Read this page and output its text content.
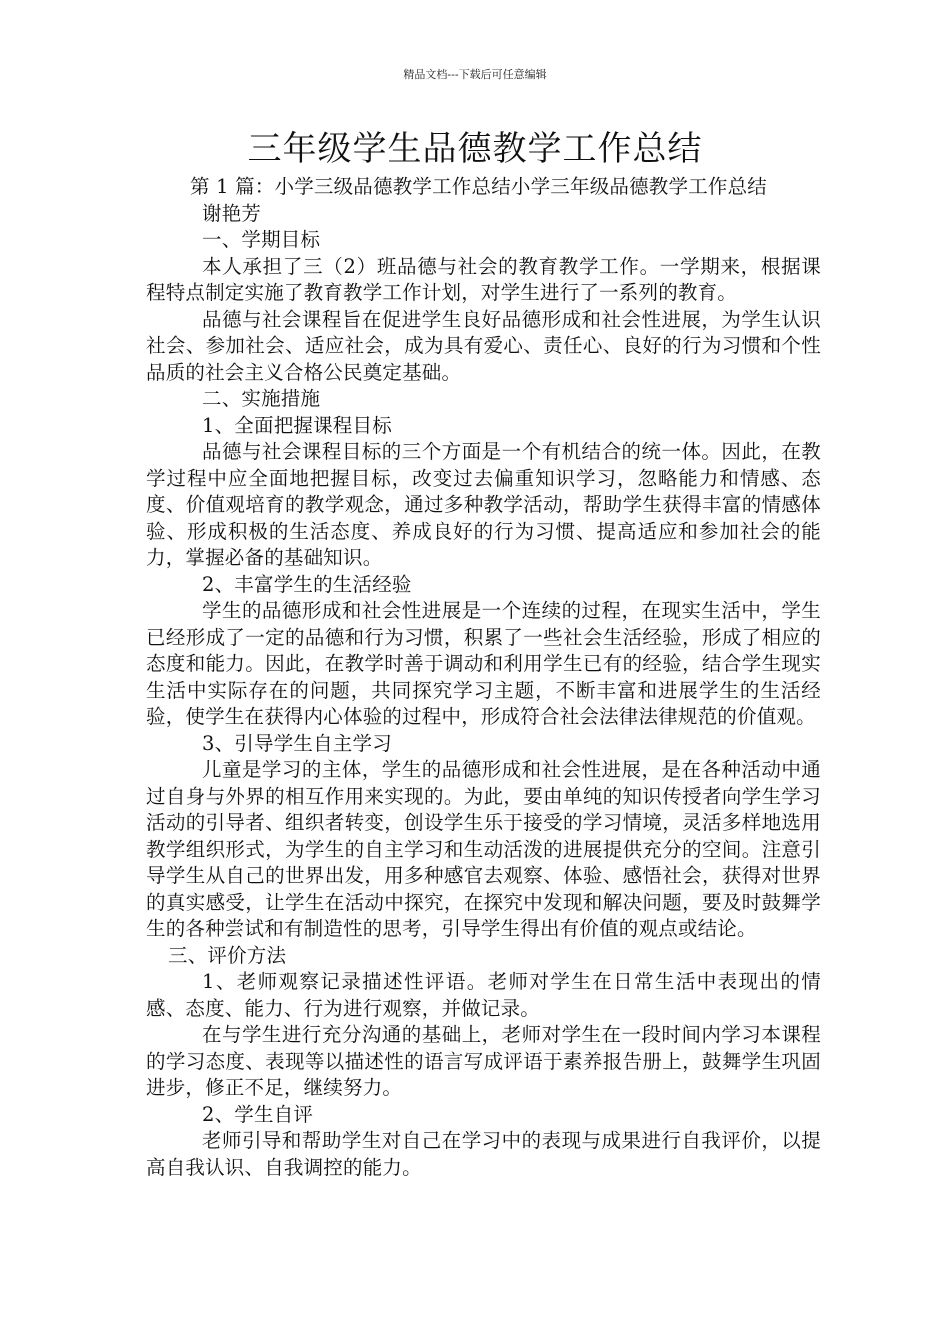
精品文档---下载后可任意编辑
三年级学生品德教学工作总结

第 1 篇：小学三级品德教学工作总结小学三年级品德教学工作总结

谢艳芳

一、学期目标

本人承担了三（2）班品德与社会的教育教学工作。一学期来，根据课程特点制定实施了教育教学工作计划，对学生进行了一系列的教育。

品德与社会课程旨在促进学生良好品德形成和社会性进展，为学生认识社会、参加社会、适应社会，成为具有爱心、责任心、良好的行为习惯和个性品质的社会主义合格公民奠定基础。

二、实施措施

1、全面把握课程目标

品德与社会课程目标的三个方面是一个有机结合的统一体。因此，在教学过程中应全面地把握目标，改变过去偏重知识学习，忽略能力和情感、态度、价值观培育的教学观念，通过多种教学活动，帮助学生获得丰富的情感体验、形成积极的生活态度、养成良好的行为习惯、提高适应和参加社会的能力，掌握必备的基础知识。

2、丰富学生的生活经验

学生的品德形成和社会性进展是一个连续的过程，在现实生活中，学生已经形成了一定的品德和行为习惯，积累了一些社会生活经验，形成了相应的态度和能力。因此，在教学时善于调动和利用学生已有的经验，结合学生现实生活中实际存在的问题，共同探究学习主题，不断丰富和进展学生的生活经验，使学生在获得内心体验的过程中，形成符合社会法律法律规范的价值观。

3、引导学生自主学习

儿童是学习的主体，学生的品德形成和社会性进展，是在各种活动中通过自身与外界的相互作用来实现的。为此，要由单纯的知识传授者向学生学习活动的引导者、组织者转变，创设学生乐于接受的学习情境，灵活多样地选用教学组织形式，为学生的自主学习和生动活泼的进展提供充分的空间。注意引导学生从自己的世界出发，用多种感官去观察、体验、感悟社会，获得对世界的真实感受，让学生在活动中探究，在探究中发现和解决问题，要及时鼓舞学生的各种尝试和有制造性的思考，引导学生得出有价值的观点或结论。

三、评价方法

1、老师观察记录描述性评语。老师对学生在日常生活中表现出的情感、态度、能力、行为进行观察，并做记录。

在与学生进行充分沟通的基础上，老师对学生在一段时间内学习本课程的学习态度、表现等以描述性的语言写成评语于素养报告册上，鼓舞学生巩固进步，修正不足，继续努力。

2、学生自评

老师引导和帮助学生对自己在学习中的表现与成果进行自我评价，以提高自我认识、自我调控的能力。
